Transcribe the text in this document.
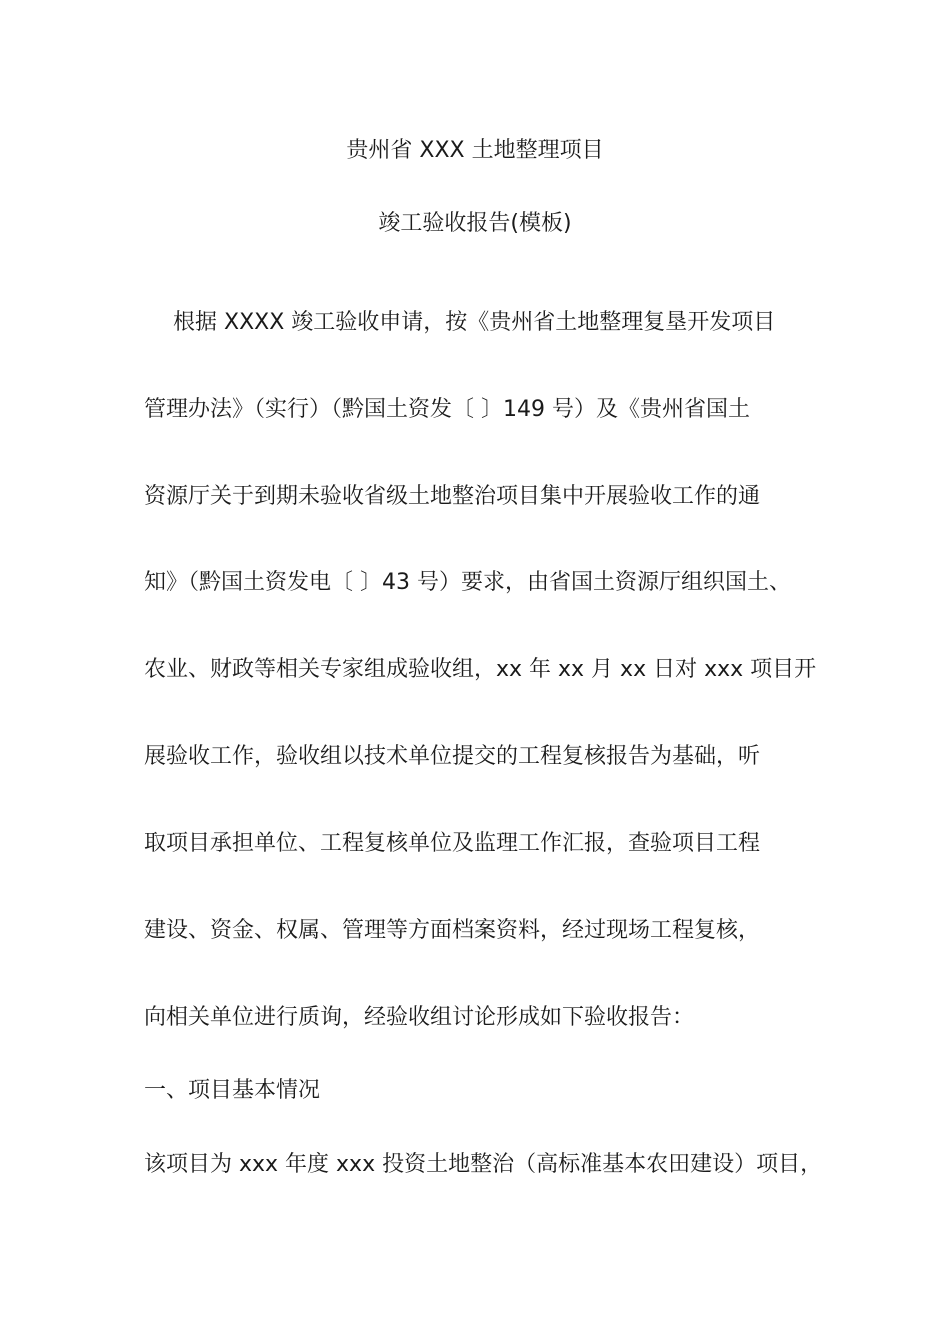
贵州省 XXX 土地整理项目
竣工验收报告(模板)
根据 XXXX 竣工验收申请，按《贵州省土地整理复垦开发项目
管理办法》（实行）（黔国土资发〔 〕149 号）及《贵州省国土
资源厅关于到期未验收省级土地整治项目集中开展验收工作的通
知》（黔国土资发电〔 〕43 号）要求，由省国土资源厅组织国土、
农业、财政等相关专家组成验收组，xx 年 xx 月 xx 日对 xxx 项目开
展验收工作，验收组以技术单位提交的工程复核报告为基础，听
取项目承担单位、工程复核单位及监理工作汇报，查验项目工程
建设、资金、权属、管理等方面档案资料，经过现场工程复核，
向相关单位进行质询，经验收组讨论形成如下验收报告：
一、项目基本情况
该项目为 xxx 年度 xxx 投资土地整治（高标准基本农田建设）项目，
